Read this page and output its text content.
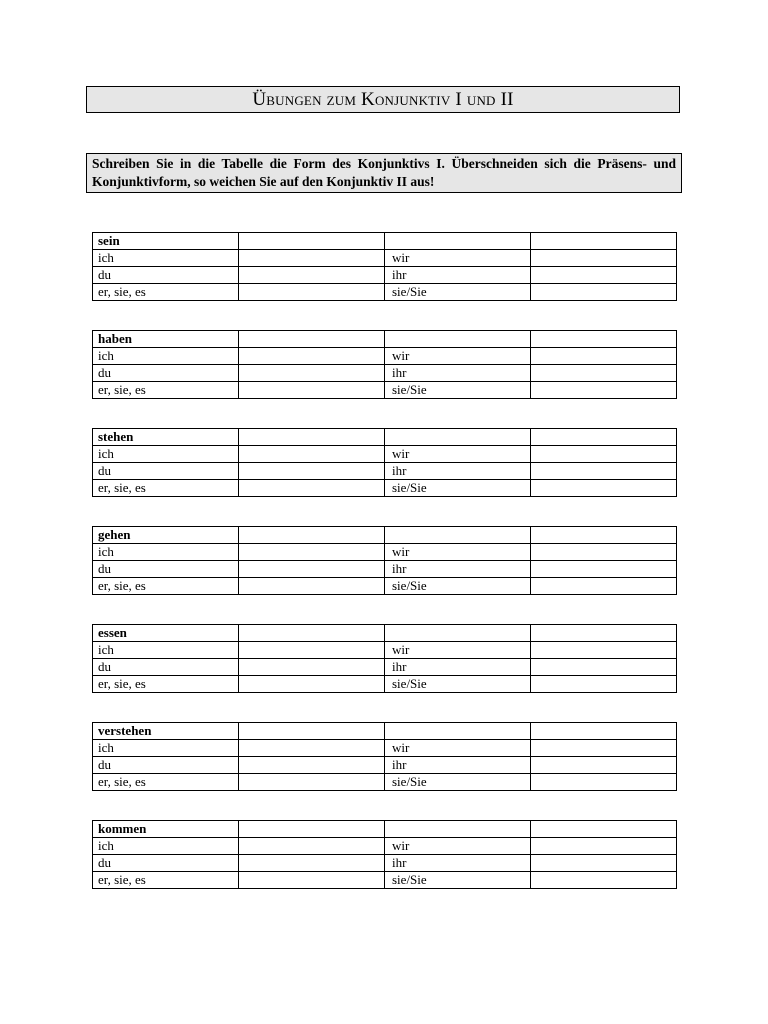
Übungen zum Konjunktiv I und II
Schreiben Sie in die Tabelle die Form des Konjunktivs I. Überschneiden sich die Präsens- und Konjunktivform, so weichen Sie auf den Konjunktiv II aus!
sein			
ich		wir	
du		ihr	
er, sie, es		sie/Sie	
haben			
ich		wir	
du		ihr	
er, sie, es		sie/Sie	
stehen			
ich		wir	
du		ihr	
er, sie, es		sie/Sie	
gehen			
ich		wir	
du		ihr	
er, sie, es		sie/Sie	
essen			
ich		wir	
du		ihr	
er, sie, es		sie/Sie	
verstehen			
ich		wir	
du		ihr	
er, sie, es		sie/Sie	
kommen			
ich		wir	
du		ihr	
er, sie, es		sie/Sie	
